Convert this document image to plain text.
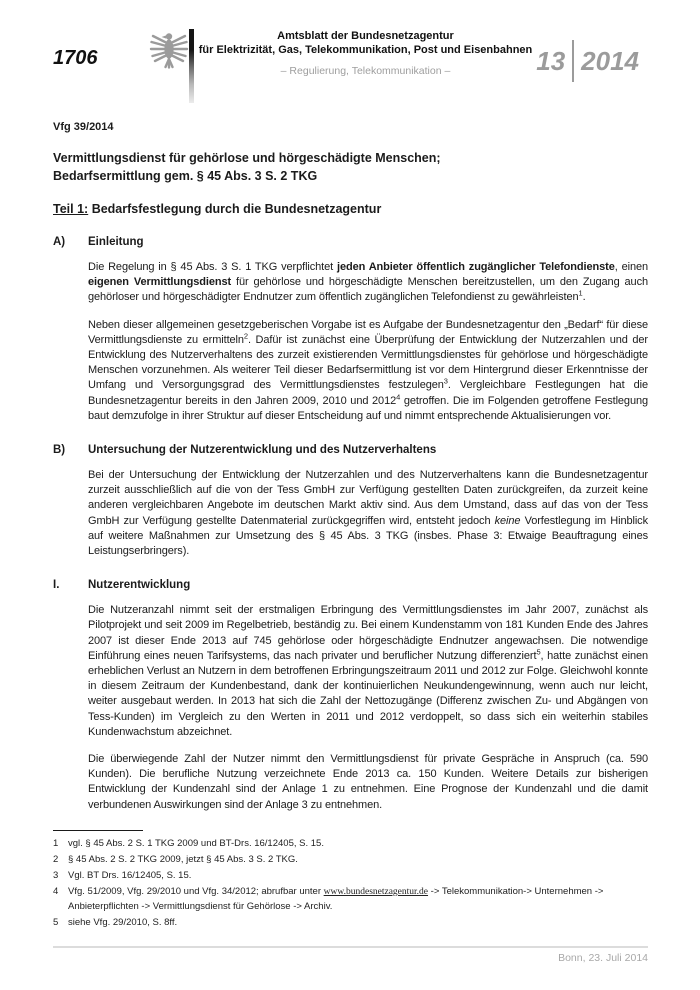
1706
Amtsblatt der Bundesnetzagentur
für Elektrizität, Gas, Telekommunikation, Post und Eisenbahnen
– Regulierung, Telekommunikation –	13 2014

Vfg 39/2014

Vermittlungsdienst für gehörlose und hörgeschädigte Menschen;
Bedarfsermittlung gem. § 45 Abs. 3 S. 2 TKG
Teil 1: Bedarfsfestlegung durch die Bundesnetzagentur
A)	Einleitung

Die Regelung in § 45 Abs. 3 S. 1 TKG verpflichtet jeden Anbieter öffentlich zugänglicher Telefondienste, einen eigenen Vermittlungsdienst für gehörlose und hörgeschädigte Menschen bereitzustellen, um den Zugang auch gehörloser und hörgeschädigter Endnutzer zum öffentlich zugänglichen Telefondienst zu gewährleisten$^1$.

Neben dieser allgemeinen gesetzgeberischen Vorgabe ist es Aufgabe der Bundesnetzagentur den „Bedarf“ für diese Vermittlungsdienste zu ermitteln$^2$. Dafür ist zunächst eine Überprüfung der Entwicklung der Nutzerzahlen und der Entwicklung des Nutzerverhaltens des zurzeit existierenden Vermittlungsdienstes für gehörlose und hörgeschädigte Menschen vorzunehmen. Als weiterer Teil dieser Bedarfsermittlung ist vor dem Hintergrund dieser Erkenntnisse der Umfang und Versorgungsgrad des Vermittlungsdienstes festzulegen$^3$. Vergleichbare Festlegungen hat die Bundesnetzagentur bereits in den Jahren 2009, 2010 und 2012$^4$ getroffen. Die im Folgenden getroffene Festlegung baut demzufolge in ihrer Struktur auf dieser Entscheidung auf und nimmt entsprechende Aktualisierungen vor.

B)	Untersuchung der Nutzerentwicklung und des Nutzerverhaltens

Bei der Untersuchung der Entwicklung der Nutzerzahlen und des Nutzerverhaltens kann die Bundesnetzagentur zurzeit ausschließlich auf die von der Tess GmbH zur Verfügung gestellten Daten zurückgreifen, da zurzeit keine anderen vergleichbaren Angebote im deutschen Markt aktiv sind. Aus dem Umstand, dass auf das von der Tess GmbH zur Verfügung gestellte Datenmaterial zurückgegriffen wird, entsteht jedoch keine Vorfestlegung im Hinblick auf weitere Maßnahmen zur Umsetzung des § 45 Abs. 3 TKG (insbes. Phase 3: Etwaige Beauftragung eines Leistungserbringers).

I.	Nutzerentwicklung

Die Nutzeranzahl nimmt seit der erstmaligen Erbringung des Vermittlungsdienstes im Jahr 2007, zunächst als Pilotprojekt und seit 2009 im Regelbetrieb, beständig zu. Bei einem Kundenstamm von 181 Kunden Ende des Jahres 2007 ist dieser Ende 2013 auf 745 gehörlose oder hörgeschädigte Endnutzer angewachsen. Die notwendige Einführung eines neuen Tarifsystems, das nach privater und beruflicher Nutzung differenziert$^5$, hatte zunächst einen erheblichen Verlust an Nutzern in dem betroffenen Erbringungszeitraum 2011 und 2012 zur Folge. Gleichwohl konnte in diesem Zeitraum der Kundenbestand, dank der kontinuierlichen Neukundengewinnung, wenn auch nur leicht, weiter ausgebaut werden. In 2013 hat sich die Zahl der Nettozugänge (Differenz zwischen Zu- und Abgängen von Tess-Kunden) im Vergleich zu den Werten in 2011 und 2012 verdoppelt, so dass sich ein weiterhin stabiles Kundenwachstum abzeichnet.

Die überwiegende Zahl der Nutzer nimmt den Vermittlungsdienst für private Gespräche in Anspruch (ca. 590 Kunden). Die berufliche Nutzung verzeichnete Ende 2013 ca. 150 Kunden. Weitere Details zur bisherigen Entwicklung der Kundenzahl sind der Anlage 1 zu entnehmen. Eine Prognose der Kundenzahl und die damit verbundenen Auswirkungen sind der Anlage 3 zu entnehmen.

1	vgl. § 45 Abs. 2 S. 1 TKG 2009 und BT-Drs. 16/12405, S. 15.
2	§ 45 Abs. 2 S. 2 TKG 2009, jetzt § 45 Abs. 3 S. 2 TKG.
3	Vgl. BT Drs. 16/12405, S. 15.
4	Vfg. 51/2009, Vfg. 29/2010 und Vfg. 34/2012; abrufbar unter www.bundesnetzagentur.de -> Telekommunikation-> Unternehmen -> Anbieterpflichten -> Vermittlungsdienst für Gehörlose -> Archiv.
5	siehe Vfg. 29/2010, S. 8ff.
Bonn, 23. Juli 2014
